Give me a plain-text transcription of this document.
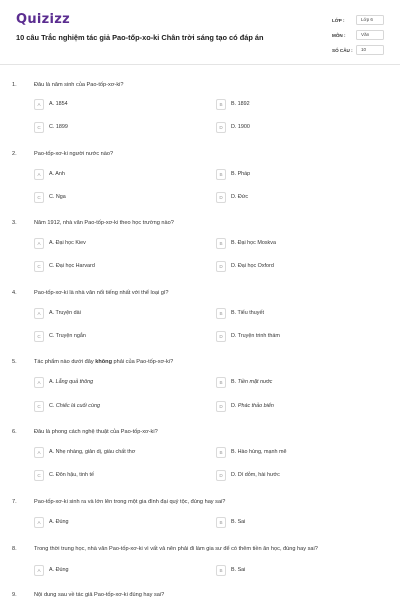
Quizizz
10 câu Trắc nghiệm tác giả Pao-tốp-xo-ki Chân trời sáng tạo có đáp án
LỚP :	Lớp 6
MÔN :	Văn
SỐ CÂU :	10
1.	Đâu là năm sinh của Pao-tốp-xơ-ki?
A	A. 1854	B	B. 1892
C	C. 1899	D	D. 1900
2.	Pao-tốp-xơ-ki người nước nào?
A	A. Anh	B	B. Pháp
C	C. Nga	D	D. Đức
3.	Năm 1912, nhà văn Pao-tốp-xơ-ki theo học trường nào?
A	A. Đại học Kiev	B	B. Đại học Moskva
C	C. Đại học Harvard	D	D. Đại học Oxford
4.	Pao-tốp-xơ-ki là nhà văn nổi tiếng nhất với thể loại gì?
A	A. Truyện dài	B	B. Tiểu thuyết
C	C. Truyện ngắn	D	D. Truyện trinh thám
5.	Tác phẩm nào dưới đây không phải của Pao-tốp-xơ-ki?
A	A. Lẵng quả thông	B	B. Tiền mặt nước
C	C. Chiếc lá cuối cùng	D	D. Phác thảo biển
6.	Đâu là phong cách nghệ thuật của Pao-tốp-xơ-ki?
A	A. Nhẹ nhàng, giản dị, giàu chất thơ	B	B. Hào hùng, mạnh mẽ
C	C. Đôn hậu, tinh tế	D	D. Dí dỏm, hài hước
7.	Pao-tốp-xơ-ki sinh ra và lớn lên trong một gia đình đại quý tộc, đúng hay sai?
A	A. Đúng	B	B. Sai
8.	Trong thời trung học, nhà văn Pao-tốp-xơ-ki vì vất vả nên phải đi làm gia sư để có thêm tiền ăn học, đúng hay sai?
A	A. Đúng	B	B. Sai
9.	Nội dung sau về tác giả Pao-tốp-xơ-ki đúng hay sai?
